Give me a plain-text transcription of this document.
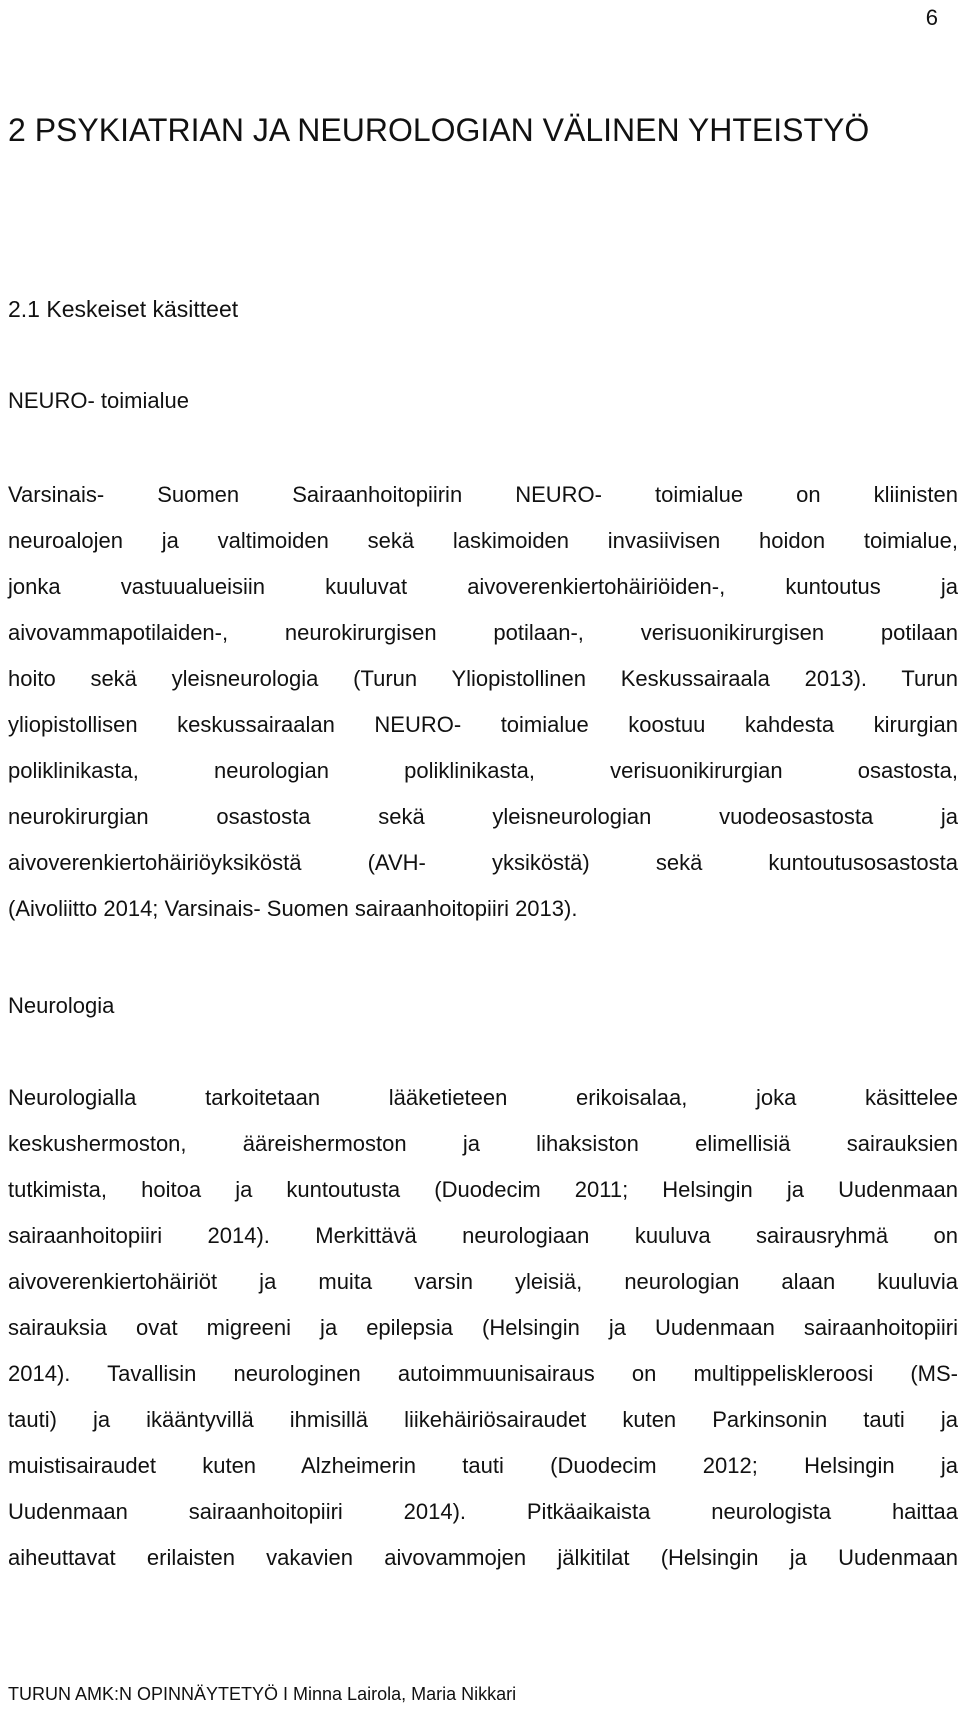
6
2 PSYKIATRIAN JA NEUROLOGIAN VÄLINEN YHTEISTYÖ
2.1 Keskeiset käsitteet
NEURO- toimialue
Varsinais- Suomen Sairaanhoitopiirin NEURO- toimialue on kliinisten
neuroalojen ja valtimoiden sekä laskimoiden invasiivisen hoidon toimialue,
jonka vastuualueisiin kuuluvat aivoverenkiertohäiriöiden-, kuntoutus ja
aivovammapotilaiden-, neurokirurgisen potilaan-, verisuonikirurgisen potilaan
hoito sekä yleisneurologia (Turun Yliopistollinen Keskussairaala 2013). Turun
yliopistollisen keskussairaalan NEURO- toimialue koostuu kahdesta kirurgian
poliklinikasta, neurologian poliklinikasta, verisuonikirurgian osastosta,
neurokirurgian osastosta sekä yleisneurologian vuodeosastosta ja
aivoverenkiertohäiriöyksiköstä (AVH- yksiköstä) sekä kuntoutusosastosta
(Aivoliitto 2014; Varsinais- Suomen sairaanhoitopiiri 2013).
Neurologia
Neurologialla tarkoitetaan lääketieteen erikoisalaa, joka käsittelee
keskushermoston, ääreishermoston ja lihaksiston elimellisiä sairauksien
tutkimista, hoitoa ja kuntoutusta (Duodecim 2011; Helsingin ja Uudenmaan
sairaanhoitopiiri 2014). Merkittävä neurologiaan kuuluva sairausryhmä on
aivoverenkiertohäiriöt ja muita varsin yleisiä, neurologian alaan kuuluvia
sairauksia ovat migreeni ja epilepsia (Helsingin ja Uudenmaan sairaanhoitopiiri
2014). Tavallisin neurologinen autoimmuunisairaus on multippeliskleroosi (MS-
tauti) ja ikääntyvillä ihmisillä liikehäiriösairaudet kuten Parkinsonin tauti ja
muistisairaudet kuten Alzheimerin tauti (Duodecim 2012; Helsingin ja
Uudenmaan sairaanhoitopiiri 2014). Pitkäaikaista neurologista haittaa
aiheuttavat erilaisten vakavien aivovammojen jälkitilat (Helsingin ja Uudenmaan
TURUN AMK:N OPINNÄYTETYÖ I Minna Lairola, Maria Nikkari
